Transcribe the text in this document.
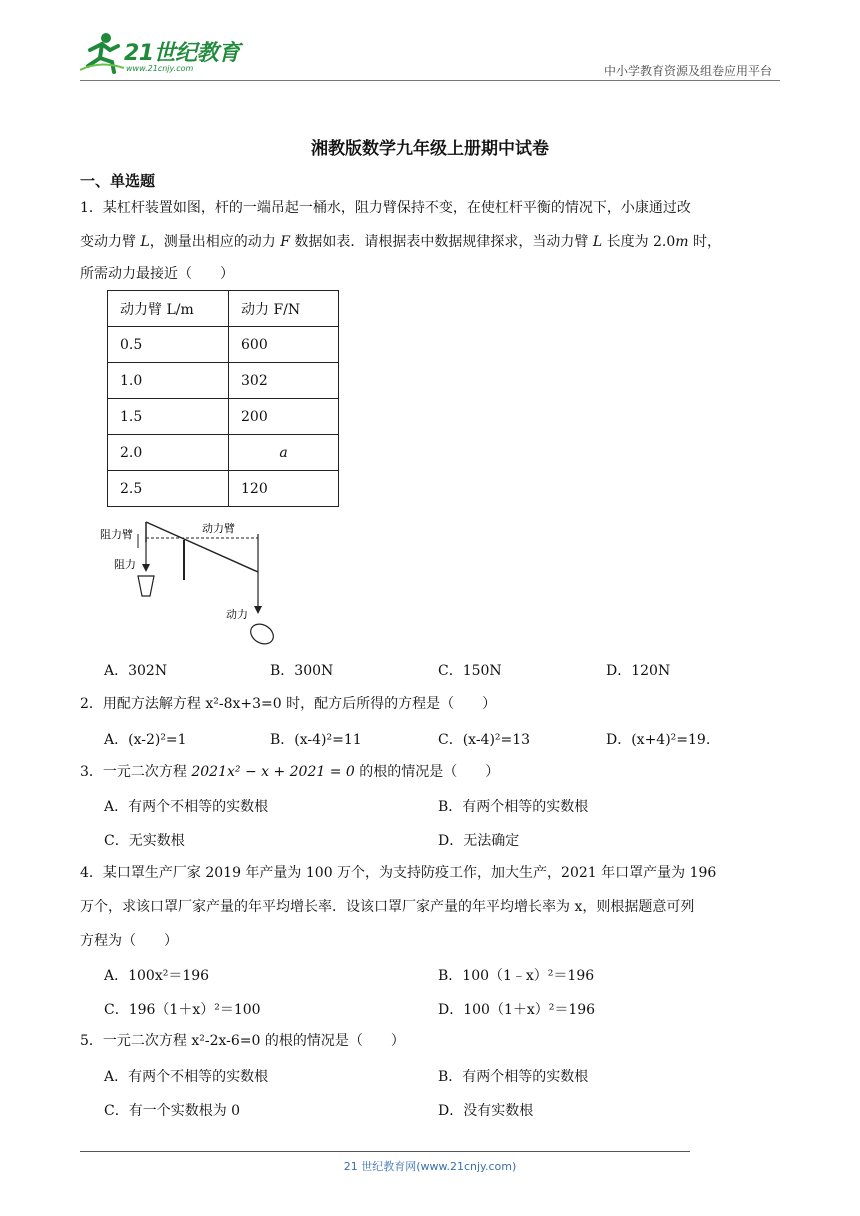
21世纪教育
www.21cnjy.com	中小学教育资源及组卷应用平台
湘教版数学九年级上册期中试卷
一、单选题
1．某杠杆装置如图，杆的一端吊起一桶水，阻力臂保持不变，在使杠杆平衡的情况下，小康通过改
变动力臂 L，测量出相应的动力 F 数据如表．请根据表中数据规律探求，当动力臂 L 长度为 2.0m 时，
所需动力最接近（　　）
动力臂 L/m	动力 F/N
0.5	600
1.0	302
1.5	200
2.0	a
2.5	120
阻力臂	动力臂
阻力
动力
A．302N	B．300N	C．150N	D．120N
2．用配方法解方程 x²-8x+3=0 时，配方后所得的方程是（　　）
A．(x-2)²=1	B．(x-4)²=11	C．(x-4)²=13	D．(x+4)²=19.
3．一元二次方程 2021x² − x + 2021 = 0 的根的情况是（　　）
A．有两个不相等的实数根	B．有两个相等的实数根
C．无实数根	D．无法确定
4．某口罩生产厂家 2019 年产量为 100 万个，为支持防疫工作，加大生产，2021 年口罩产量为 196
万个，求该口罩厂家产量的年平均增长率．设该口罩厂家产量的年平均增长率为 x，则根据题意可列
方程为（　　）
A．100x²＝196	B．100（1﹣x）²＝196
C．196（1＋x）²＝100	D．100（1＋x）²＝196
5．一元二次方程 x²-2x-6=0 的根的情况是（　　）
A．有两个不相等的实数根	B．有两个相等的实数根
C．有一个实数根为 0	D．没有实数根
21 世纪教育网(www.21cnjy.com)
